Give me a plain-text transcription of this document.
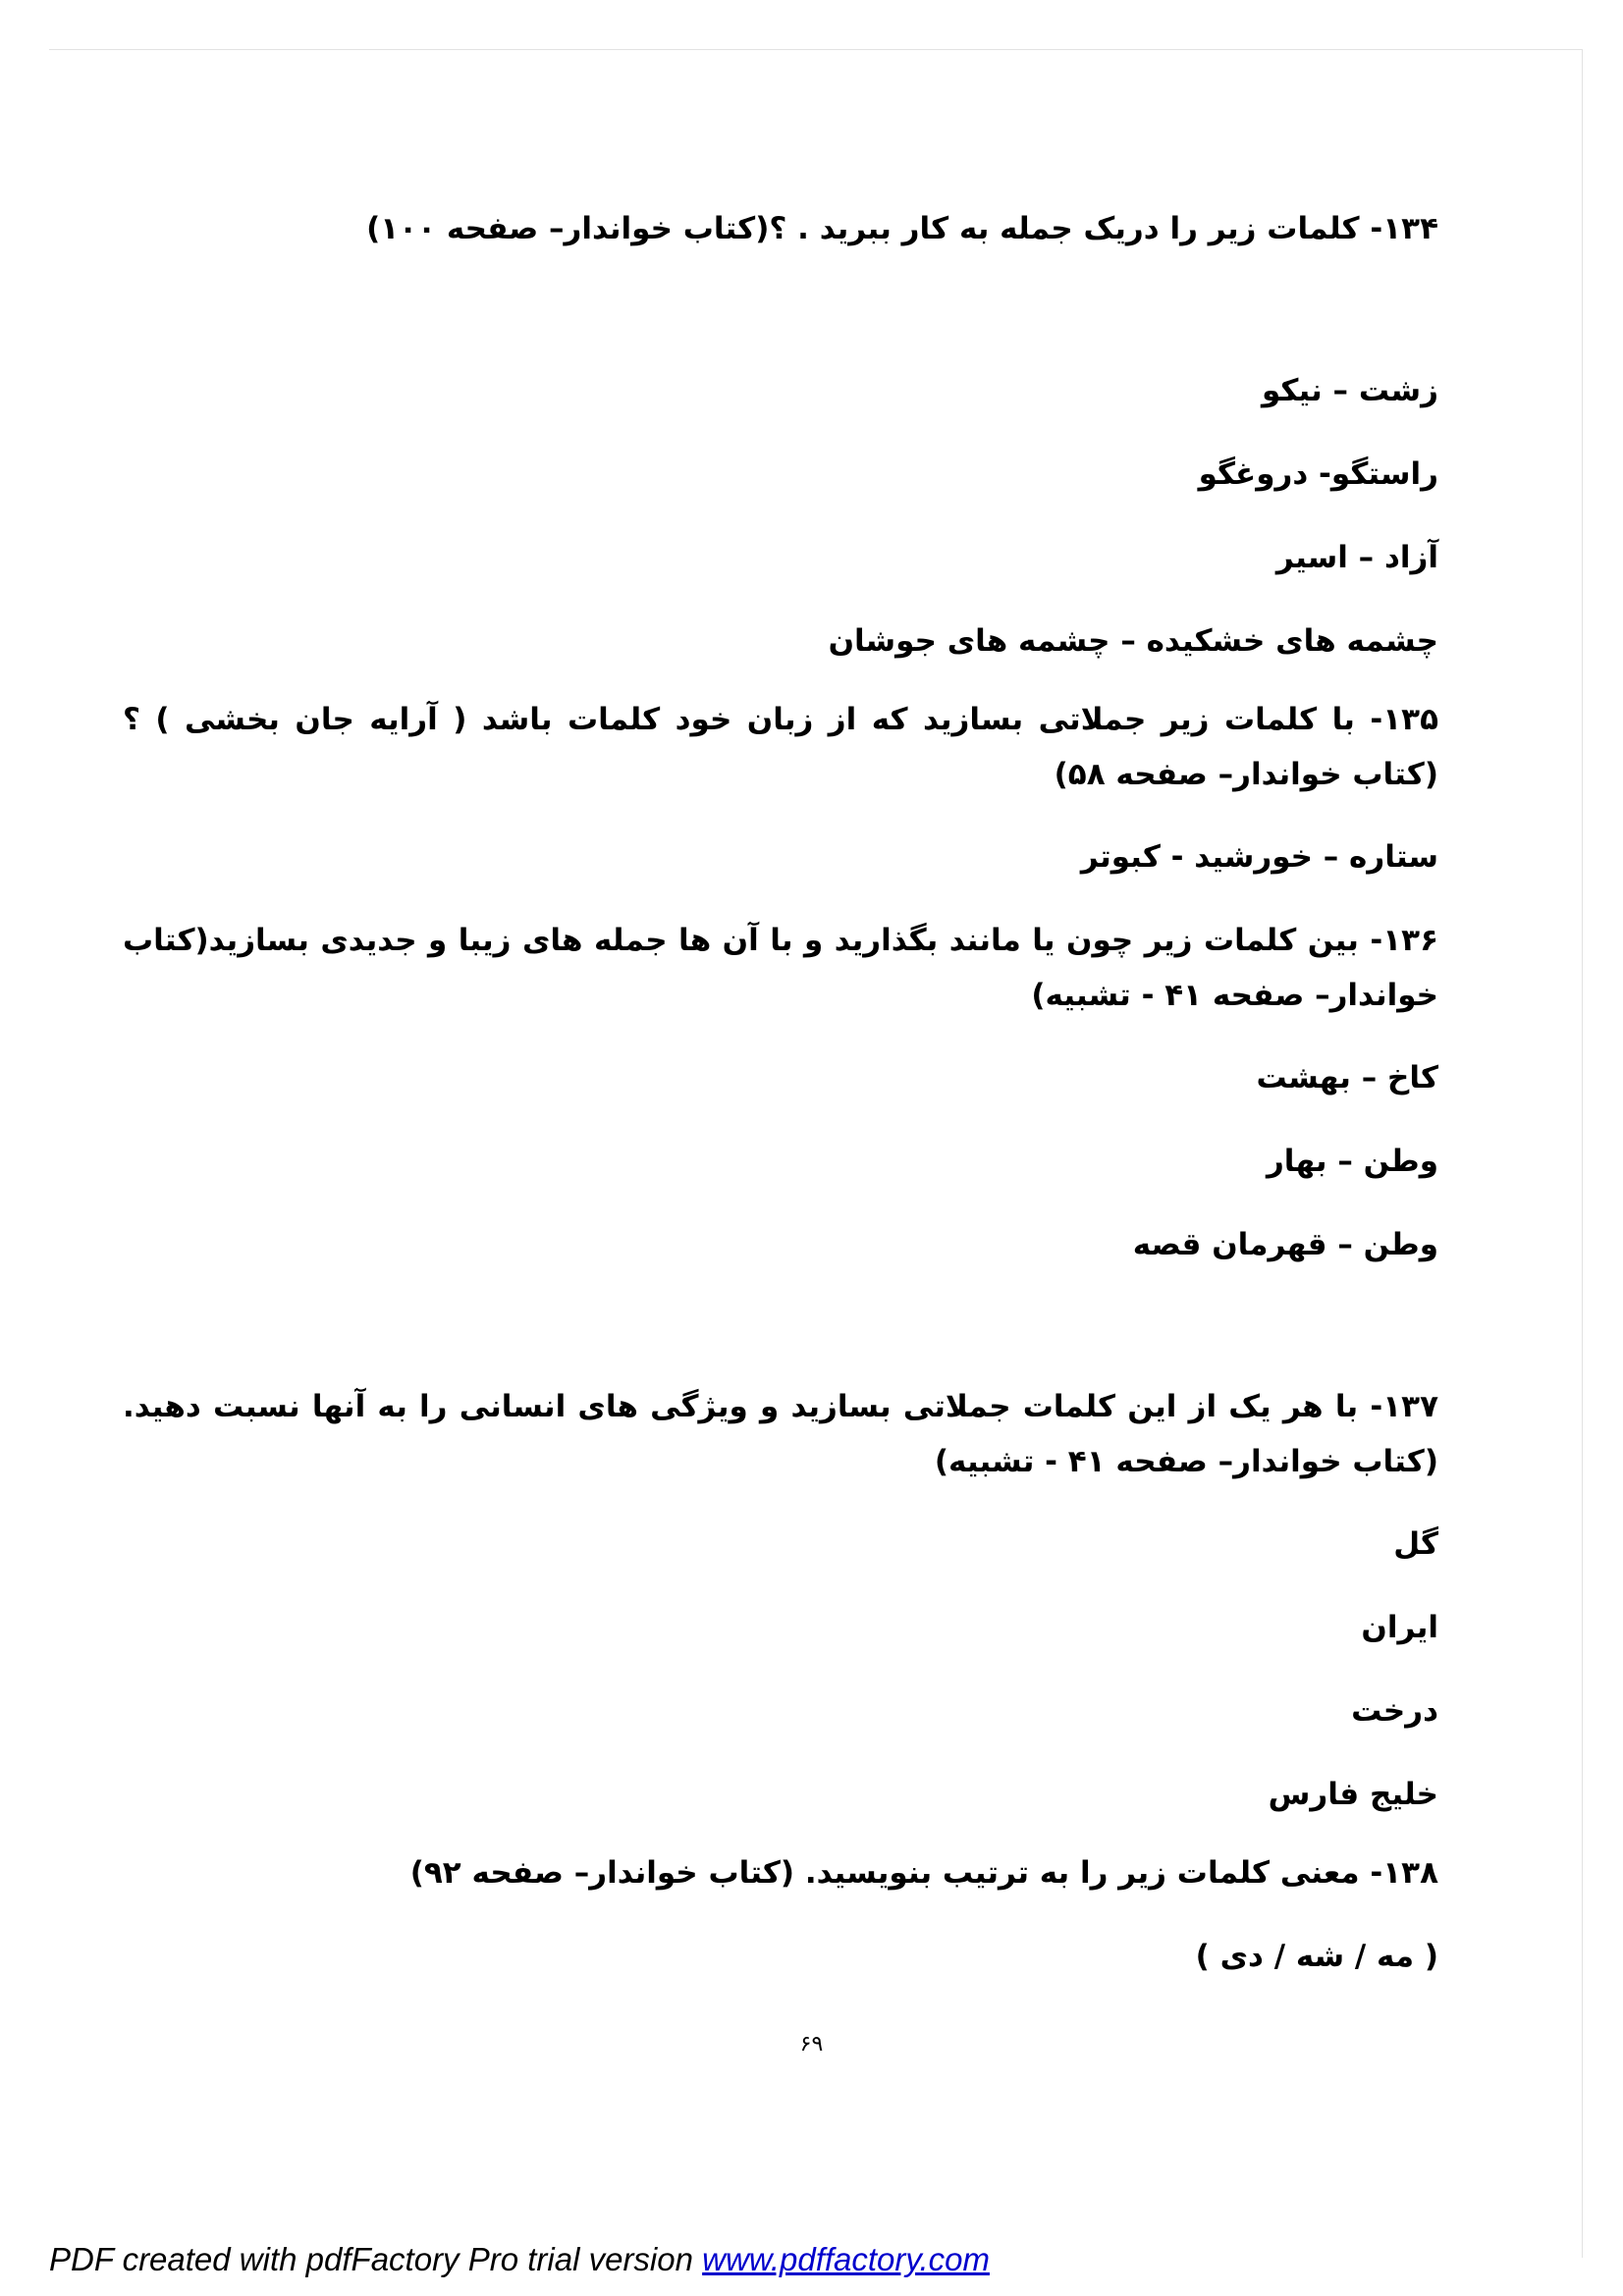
۱۳۴- کلمات زیر را دریک جمله به کار ببرید . ؟(کتاب خواندار– صفحه ۱۰۰)
زشت – نیکو
راستگو- دروغگو
آزاد – اسیر
چشمه های خشکیده – چشمه های جوشان
۱۳۵- با کلمات زیر جملاتی بسازید که از زبان خود کلمات باشد ( آرایه جان بخشی ) ؟(کتاب خواندار– صفحه ۵۸)
ستاره – خورشید - کبوتر
۱۳۶- بین کلمات زیر چون یا مانند بگذارید و با آن ها جمله های زیبا و جدیدی بسازید(کتاب خواندار– صفحه ۴۱ - تشبیه)
کاخ – بهشت
وطن – بهار
وطن – قهرمان قصه
۱۳۷- با هر یک از این کلمات جملاتی بسازید و ویژگی های انسانی را به آنها نسبت دهید. (کتاب خواندار– صفحه ۴۱ - تشبیه)
گل
ایران
درخت
خلیج فارس
۱۳۸- معنی کلمات زیر را به ترتیب بنویسید. (کتاب خواندار– صفحه ۹۲)
( مه / شه / دی )
۶۹
PDF created with pdfFactory Pro trial version www.pdffactory.com
